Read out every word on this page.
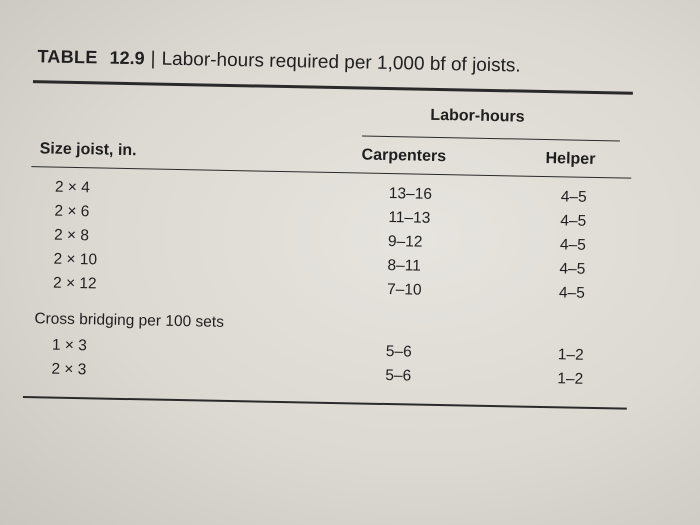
TABLE 12.9 | Labor-hours required per 1,000 bf of joists.
Labor-hours
Size joist, in.	Carpenters	Helper
2 × 4	13–16	4–5
2 × 6	11–13	4–5
2 × 8	9–12	4–5
2 × 10	8–11	4–5
2 × 12	7–10	4–5
Cross bridging per 100 sets
1 × 3	5–6	1–2
2 × 3	5–6	1–2
